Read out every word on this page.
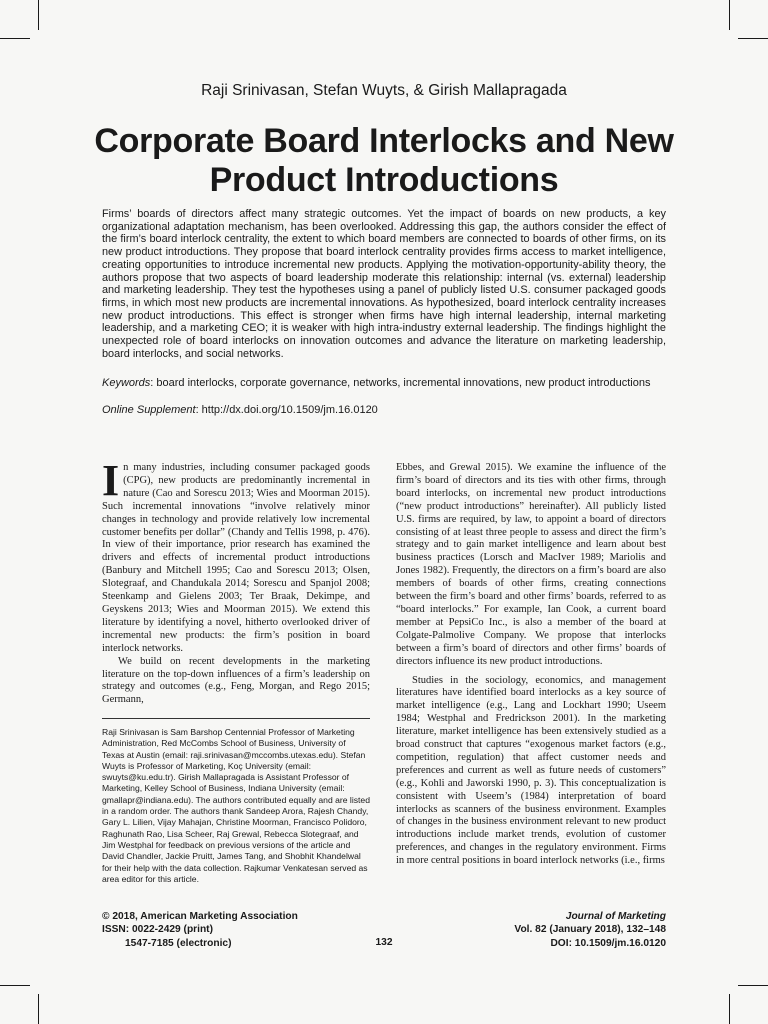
Raji Srinivasan, Stefan Wuyts, & Girish Mallapragada
Corporate Board Interlocks and New Product Introductions

Firms’ boards of directors affect many strategic outcomes. Yet the impact of boards on new products, a key organizational adaptation mechanism, has been overlooked. Addressing this gap, the authors consider the effect of the firm’s board interlock centrality, the extent to which board members are connected to boards of other firms, on its new product introductions. They propose that board interlock centrality provides firms access to market intelligence, creating opportunities to introduce incremental new products. Applying the motivation-opportunity-ability theory, the authors propose that two aspects of board leadership moderate this relationship: internal (vs. external) leadership and marketing leadership. They test the hypotheses using a panel of publicly listed U.S. consumer packaged goods firms, in which most new products are incremental innovations. As hypothesized, board interlock centrality increases new product introductions. This effect is stronger when firms have high internal leadership, internal marketing leadership, and a marketing CEO; it is weaker with high intra-industry external leadership. The findings highlight the unexpected role of board interlocks on innovation outcomes and advance the literature on marketing leadership, board interlocks, and social networks.

Keywords: board interlocks, corporate governance, networks, incremental innovations, new product introductions
Online Supplement: http://dx.doi.org/10.1509/jm.16.0120

In many industries, including consumer packaged goods (CPG), new products are predominantly incremental in nature (Cao and Sorescu 2013; Wies and Moorman 2015). Such incremental innovations “involve relatively minor changes in technology and provide relatively low incremental customer benefits per dollar” (Chandy and Tellis 1998, p. 476). In view of their importance, prior research has examined the drivers and effects of incremental product introductions (Banbury and Mitchell 1995; Cao and Sorescu 2013; Olsen, Slotegraaf, and Chandukala 2014; Sorescu and Spanjol 2008; Steenkamp and Gielens 2003; Ter Braak, Dekimpe, and Geyskens 2013; Wies and Moorman 2015). We extend this literature by identifying a novel, hitherto overlooked driver of incremental new products: the firm’s position in board interlock networks.

We build on recent developments in the marketing literature on the top-down influences of a firm’s leadership on strategy and outcomes (e.g., Feng, Morgan, and Rego 2015; Germann,

Ebbes, and Grewal 2015). We examine the influence of the firm’s board of directors and its ties with other firms, through board interlocks, on incremental new product introductions (“new product introductions” hereinafter). All publicly listed U.S. firms are required, by law, to appoint a board of directors consisting of at least three people to assess and direct the firm’s strategy and to gain market intelligence and learn about best business practices (Lorsch and MacIver 1989; Mariolis and Jones 1982). Frequently, the directors on a firm’s board are also members of boards of other firms, creating connections between the firm’s board and other firms’ boards, referred to as “board interlocks.” For example, Ian Cook, a current board member at PepsiCo Inc., is also a member of the board at Colgate-Palmolive Company. We propose that interlocks between a firm’s board of directors and other firms’ boards of directors influence its new product introductions.

Studies in the sociology, economics, and management literatures have identified board interlocks as a key source of market intelligence (e.g., Lang and Lockhart 1990; Useem 1984; Westphal and Fredrickson 2001). In the marketing literature, market intelligence has been extensively studied as a broad construct that captures “exogenous market factors (e.g., competition, regulation) that affect customer needs and preferences and current as well as future needs of customers” (e.g., Kohli and Jaworski 1990, p. 3). This conceptualization is consistent with Useem’s (1984) interpretation of board interlocks as scanners of the business environment. Examples of changes in the business environment relevant to new product introductions include market trends, evolution of customer preferences, and changes in the regulatory environment. Firms in more central positions in board interlock networks (i.e., firms

Raji Srinivasan is Sam Barshop Centennial Professor of Marketing Administration, Red McCombs School of Business, University of Texas at Austin (email: raji.srinivasan@mccombs.utexas.edu). Stefan Wuyts is Professor of Marketing, Koç University (email: swuyts@ku.edu.tr). Girish Mallapragada is Assistant Professor of Marketing, Kelley School of Business, Indiana University (email: gmallapr@indiana.edu). The authors contributed equally and are listed in a random order. The authors thank Sandeep Arora, Rajesh Chandy, Gary L. Lilien, Vijay Mahajan, Christine Moorman, Francisco Polidoro, Raghunath Rao, Lisa Scheer, Raj Grewal, Rebecca Slotegraaf, and Jim Westphal for feedback on previous versions of the article and David Chandler, Jackie Pruitt, James Tang, and Shobhit Khandelwal for their help with the data collection. Rajkumar Venkatesan served as area editor for this article.

© 2018, American Marketing Association
ISSN: 0022-2429 (print)
1547-7185 (electronic)	132
Journal of Marketing
Vol. 82 (January 2018), 132–148
DOI: 10.1509/jm.16.0120
